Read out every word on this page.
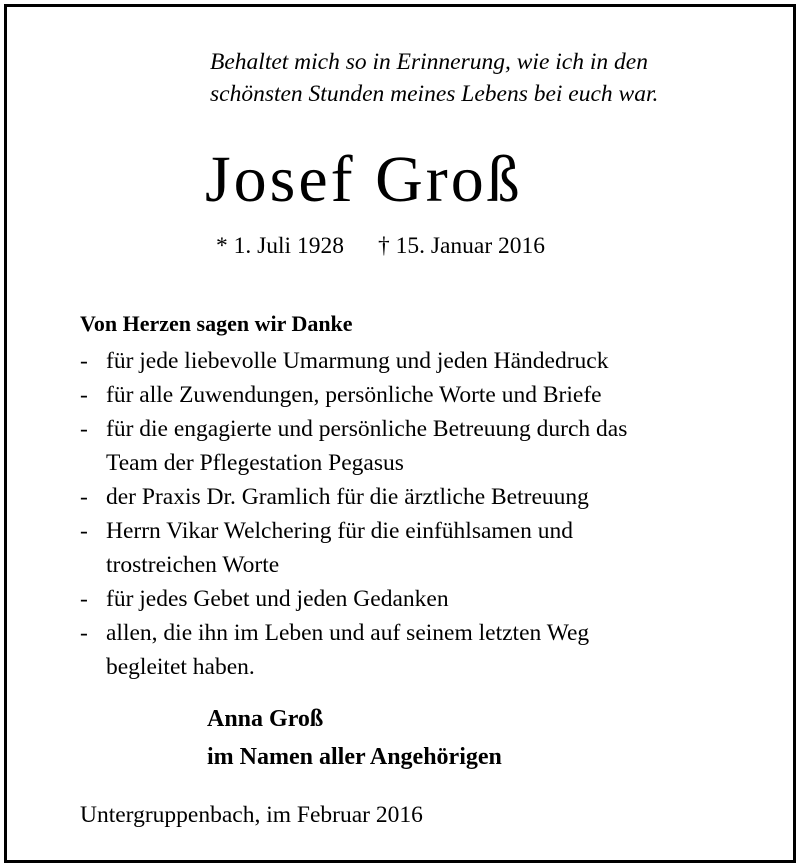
Behaltet mich so in Erinnerung, wie ich in den
schönsten Stunden meines Lebens bei euch war.
Josef Groß
* 1. Juli 1928 † 15. Januar 2016
Von Herzen sagen wir Danke
- für jede liebevolle Umarmung und jeden Händedruck
- für alle Zuwendungen, persönliche Worte und Briefe
- für die engagierte und persönliche Betreuung durch das
Team der Pflegestation Pegasus
- der Praxis Dr. Gramlich für die ärztliche Betreuung
- Herrn Vikar Welchering für die einfühlsamen und
trostreichen Worte
- für jedes Gebet und jeden Gedanken
- allen, die ihn im Leben und auf seinem letzten Weg
begleitet haben.
Anna Groß
im Namen aller Angehörigen
Untergruppenbach, im Februar 2016
